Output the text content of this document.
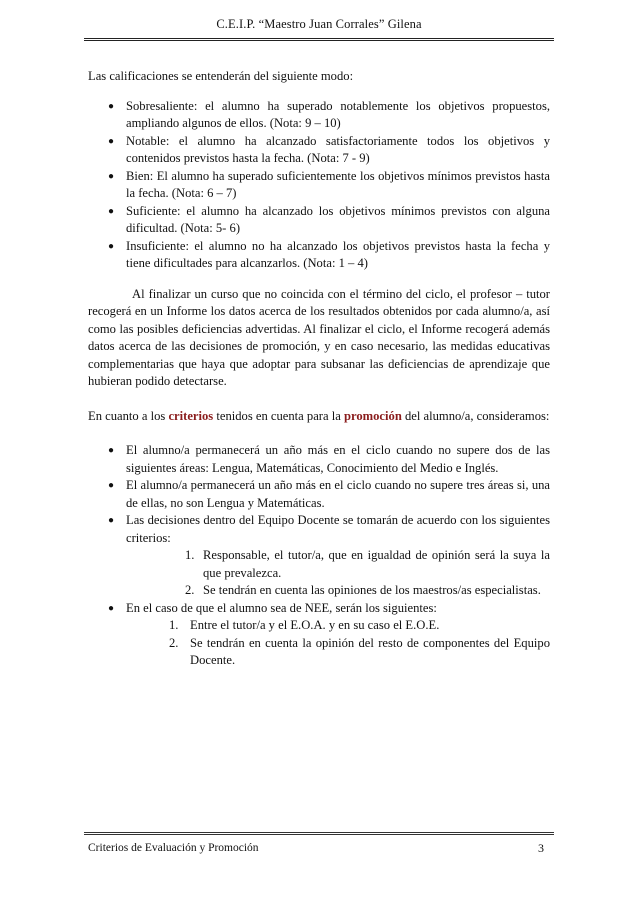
C.E.I.P. “Maestro Juan Corrales” Gilena

Las calificaciones se entenderán del siguiente modo:

● Sobresaliente: el alumno ha superado notablemente los objetivos propuestos, ampliando algunos de ellos. (Nota: 9 – 10)
● Notable: el alumno ha alcanzado satisfactoriamente todos los objetivos y contenidos previstos hasta la fecha. (Nota: 7 - 9)
● Bien: El alumno ha superado suficientemente los objetivos mínimos previstos hasta la fecha. (Nota: 6 – 7)
● Suficiente: el alumno ha alcanzado los objetivos mínimos previstos con alguna dificultad. (Nota: 5- 6)
● Insuficiente: el alumno no ha alcanzado los objetivos previstos hasta la fecha y tiene dificultades para alcanzarlos. (Nota: 1 – 4)

Al finalizar un curso que no coincida con el término del ciclo, el profesor – tutor recogerá en un Informe los datos acerca de los resultados obtenidos por cada alumno/a, así como las posibles deficiencias advertidas. Al finalizar el ciclo, el Informe recogerá además datos acerca de las decisiones de promoción, y en caso necesario, las medidas educativas complementarias que haya que adoptar para subsanar las deficiencias de aprendizaje que hubieran podido detectarse.

En cuanto a los criterios tenidos en cuenta para la promoción del alumno/a, consideramos:

● El alumno/a permanecerá un año más en el ciclo cuando no supere dos de las siguientes áreas: Lengua, Matemáticas, Conocimiento del Medio e Inglés.
● El alumno/a permanecerá un año más en el ciclo cuando no supere tres áreas si, una de ellas, no son Lengua y Matemáticas.
● Las decisiones dentro del Equipo Docente se tomarán de acuerdo con los siguientes criterios:
1. Responsable, el tutor/a, que en igualdad de opinión será la suya la que prevalezca.
2. Se tendrán en cuenta las opiniones de los maestros/as especialistas.
● En el caso de que el alumno sea de NEE, serán los siguientes:
1. Entre el tutor/a y el E.O.A. y en su caso el E.O.E.
2. Se tendrán en cuenta la opinión del resto de componentes del Equipo Docente.
Criterios de Evaluación y Promoción	3
